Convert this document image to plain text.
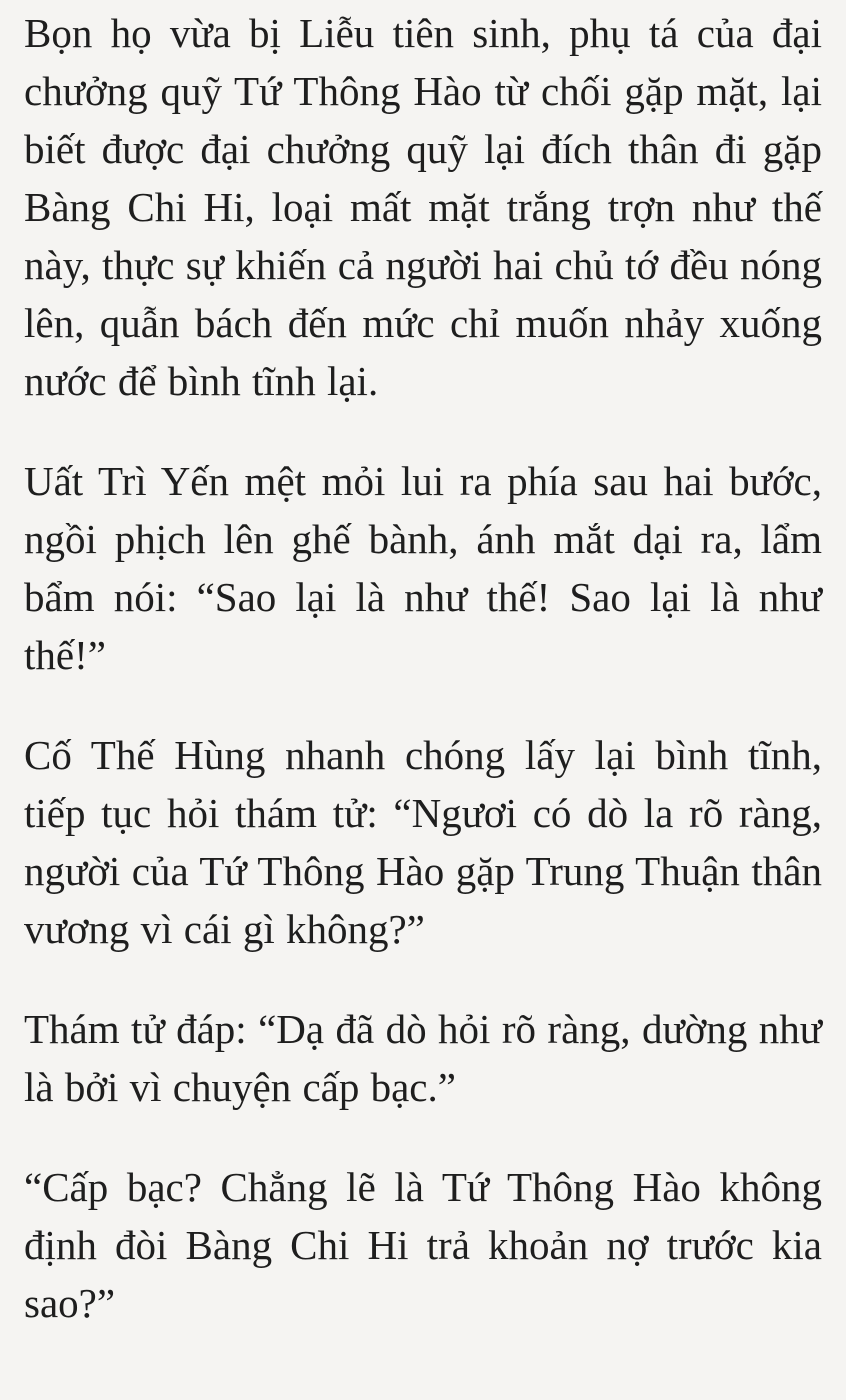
Bọn họ vừa bị Liễu tiên sinh, phụ tá của đại chưởng quỹ Tứ Thông Hào từ chối gặp mặt, lại biết được đại chưởng quỹ lại đích thân đi gặp Bàng Chi Hi, loại mất mặt trắng trợn như thế này, thực sự khiến cả người hai chủ tớ đều nóng lên, quẫn bách đến mức chỉ muốn nhảy xuống nước để bình tĩnh lại.

Uất Trì Yến mệt mỏi lui ra phía sau hai bước, ngồi phịch lên ghế bành, ánh mắt dại ra, lẩm bẩm nói: “Sao lại là như thế! Sao lại là như thế!”

Cố Thế Hùng nhanh chóng lấy lại bình tĩnh, tiếp tục hỏi thám tử: “Ngươi có dò la rõ ràng, người của Tứ Thông Hào gặp Trung Thuận thân vương vì cái gì không?”

Thám tử đáp: “Dạ đã dò hỏi rõ ràng, dường như là bởi vì chuyện cấp bạc.”

“Cấp bạc? Chẳng lẽ là Tứ Thông Hào không định đòi Bàng Chi Hi trả khoản nợ trước kia sao?”
